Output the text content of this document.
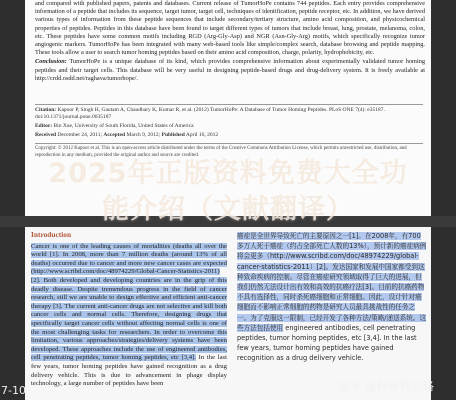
and compared with published papers, patents and databases. Current release of TumorHoPe contains 744 peptides. Each entry provides comprehensive information of a peptide that includes its sequence, target tumor, target cell, techniques of identification, peptide receptor, etc. In addition, we have derived various types of information from these peptide sequences that include secondary/tertiary structure, amino acid composition, and physicochemical properties of peptides. Peptides in this database have been found to target different types of tumors that include breast, lung, prostate, melanoma, colon, etc. These peptides have some common motifs including RGD (Arg-Gly-Asp) and NGR (Asn-Gly-Arg) motifs, which specifically recognize tumor angiogenic markers. TumorHoPe has been integrated with many web-based tools like simple/complex search, database browsing and peptide mapping. These tools allow a user to search tumor homing peptides based on their amino acid composition, charge, polarity, hydrophobicity, etc.

Conclusion: TumorHoPe is a unique database of its kind, which provides comprehensive information about experimentally validated tumor homing peptides and their target cells. This database will be very useful in designing peptide-based drugs and drug-delivery system. It is freely available at http://crdd.osdd.net/raghava/tumorhope/.

Citation: Kapoor P, Singh H, Gautam A, Chaudhary K, Kumar R, et al. (2012) TumorHoPe: A Database of Tumor Homing Peptides. PLoS ONE 7(4): e35187. doi:10.1371/journal.pone.0035187
Editor: Bin Xue, University of South Florida, United States of America
Received December 24, 2011; Accepted March 9, 2012; Published April 16, 2012
Copyright: © 2012 Kapoor et al. This is an open-access article distributed under the terms of the Creative Commons Attribution License, which permits unrestricted use, distribution, and reproduction in any medium, provided the original author and source are credited.
Introduction
Cancer is one of the leading causes of mortalities (deaths all over the world [1]. In 2008, more than 7 million deaths (around 13% of all deaths) occurred due to cancer and more new cancer cases are expected (http://www.scribd.com/doc/48974229/Global-Cancer-Statistics-2011) [2]. Both developed and developing countries are in the grip of this deadly disease. Despite tremendous progress in the field of cancer research, still we are unable to design effective and efficient anti-cancer therapy [3]. The current anti-cancer drugs are not selective and kill both cancer cells and normal cells. Therefore, designing drugs that specifically target cancer cells without affecting normal cells is one of the most challenging tasks for researchers. In order to overcome this limitation, various approaches/strategies/delivery systems have been developed. These approaches include the use of engineered antibodies, cell penetrating peptides, tumor homing peptides, etc [3,4]. In the last few years, tumor homing peptides have gained recognition as a drug delivery vehicle. This is due to advancement in phage display technology, a large number of peptides have been
癌症是全世界导致死亡的主要原因之一[1]。在2008年，有700多万人死于癌症（约占全部死亡人数的13%），预计新的癌症病例将会更多（http://www.scribd.com/doc/48974229/global-cancer-statistics-2011）[2]。发达国家和发展中国家都受到这种致命疾病的控制。尽管在癌症研究领域取得了巨大的进展，但我们仍然无法设计出有效和高效的抗癌疗法[3]。目前的抗癌药物不具有选择性，同时杀死癌细胞和正常细胞。因此，设计针对癌细胞而不影响正常细胞的药物是研究人员最具挑战性的任务之一。为了克服这一限制，已经开发了各种方法/策略/递送系统。这些方法包括使用 engineered antibodies, cell penetrating peptides, tumor homing peptides, etc [3,4]. In the last few years, tumor homing peptides have gained recognition as a drug delivery vehicle.
2025年正版资料免费大全功
能介绍（文献翻译）
7-10	知乎 @科研狗之路
